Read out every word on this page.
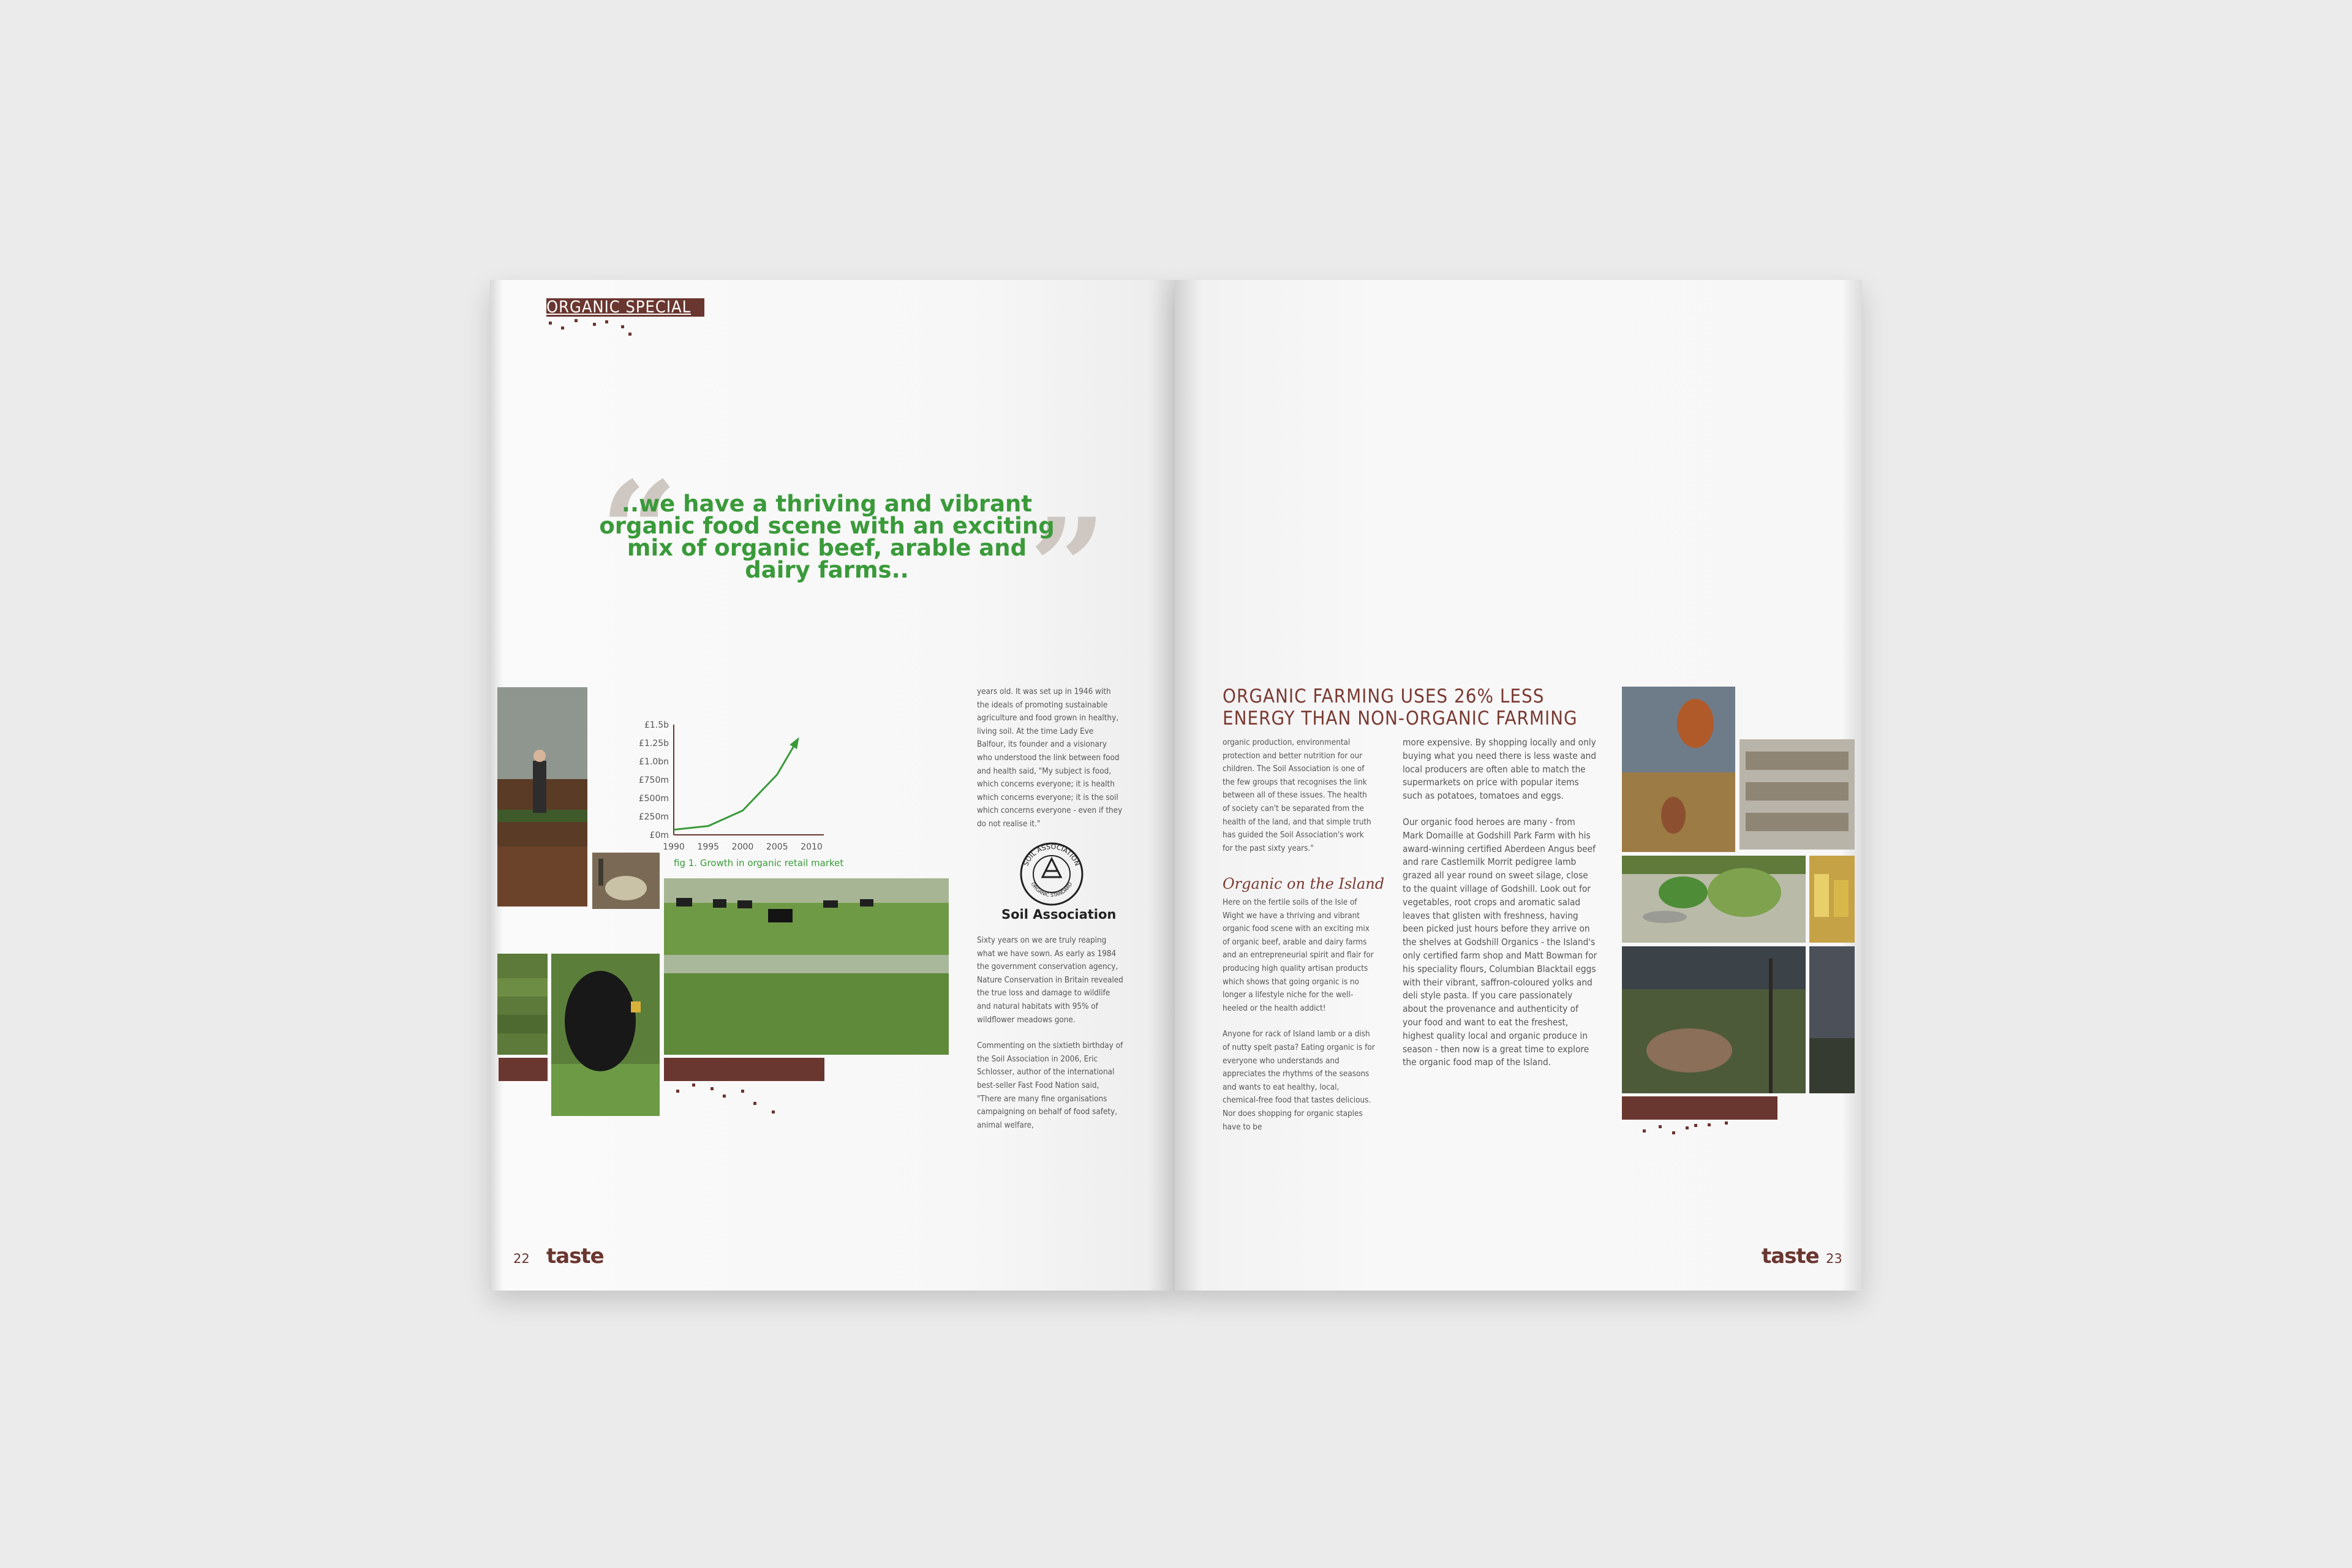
ORGANIC SPECIAL
“	”
..we have a thriving and vibrant organic food scene with an exciting mix of organic beef, arable and dairy farms..
£0m
£250m
£500m
£750m
£1.0bn
£1.25b
£1.5b
1990 1995 2000 2005 2010
fig 1. Growth in organic retail market

years old. It was set up in 1946 with the ideals of promoting sustainable agriculture and food grown in healthy, living soil. At the time Lady Eve Balfour, its founder and a visionary who understood the link between food and health said, "My subject is food, which concerns everyone; it is health which concerns everyone; it is the soil which concerns everyone - even if they do not realise it."

SOIL ASSOCIATION
ORGANIC STANDARD
Soil Association

Sixty years on we are truly reaping what we have sown. As early as 1984 the government conservation agency, Nature Conservation in Britain revealed the true loss and damage to wildlife and natural habitats with 95% of wildflower meadows gone.

Commenting on the sixtieth birthday of the Soil Association in 2006, Eric Schlosser, author of the international best-seller Fast Food Nation said, "There are many fine organisations campaigning on behalf of food safety, animal welfare,

22 taste
ORGANIC FARMING USES 26% LESS ENERGY THAN NON-ORGANIC FARMING

organic production, environmental protection and better nutrition for our children. The Soil Association is one of the few groups that recognises the link between all of these issues. The health of society can't be separated from the health of the land, and that simple truth has guided the Soil Association's work for the past sixty years."

Organic on the Island

Here on the fertile soils of the Isle of Wight we have a thriving and vibrant organic food scene with an exciting mix of organic beef, arable and dairy farms and an entrepreneurial spirit and flair for producing high quality artisan products which shows that going organic is no longer a lifestyle niche for the well-heeled or the health addict!

Anyone for rack of Island lamb or a dish of nutty spelt pasta? Eating organic is for everyone who understands and appreciates the rhythms of the seasons and wants to eat healthy, local, chemical-free food that tastes delicious. Nor does shopping for organic staples have to be

more expensive. By shopping locally and only buying what you need there is less waste and local producers are often able to match the supermarkets on price with popular items such as potatoes, tomatoes and eggs.

Our organic food heroes are many - from Mark Domaille at Godshill Park Farm with his award-winning certified Aberdeen Angus beef and rare Castlemilk Morrit pedigree lamb grazed all year round on sweet silage, close to the quaint village of Godshill. Look out for vegetables, root crops and aromatic salad leaves that glisten with freshness, having been picked just hours before they arrive on the shelves at Godshill Organics - the Island's only certified farm shop and Matt Bowman for his speciality flours, Columbian Blacktail eggs with their vibrant, saffron-coloured yolks and deli style pasta. If you care passionately about the provenance and authenticity of your food and want to eat the freshest, highest quality local and organic produce in season - then now is a great time to explore the organic food map of the Island.

taste 23
